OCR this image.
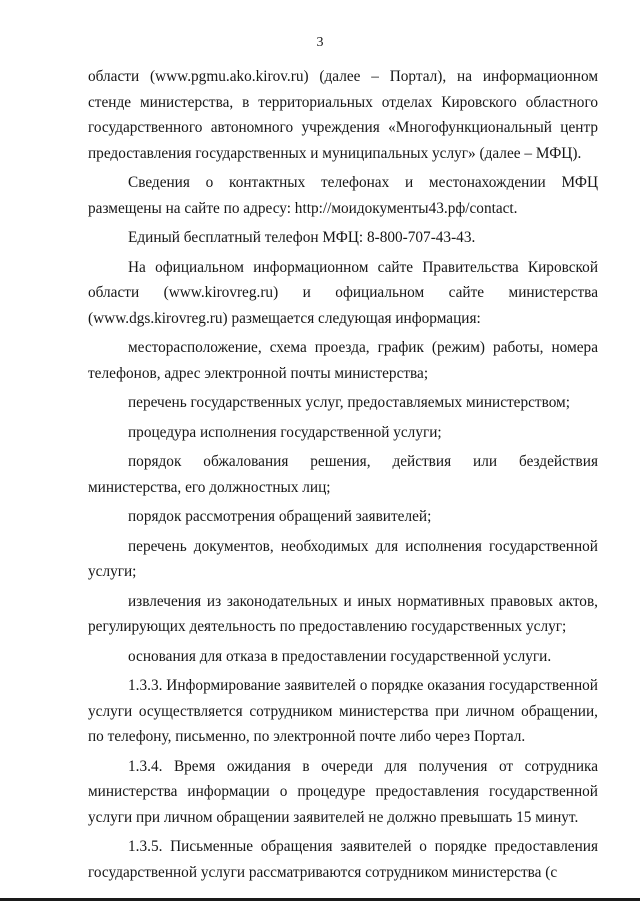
3

области (www.pgmu.ako.kirov.ru) (далее – Портал), на информационном стенде министерства, в территориальных отделах Кировского областного государственного автономного учреждения «Многофункциональный центр предоставления государственных и муниципальных услуг» (далее – МФЦ).

Сведения о контактных телефонах и местонахождении МФЦ размещены на сайте по адресу: http://моидокументы43.рф/contact.

Единый бесплатный телефон МФЦ: 8-800-707-43-43.

На официальном информационном сайте Правительства Кировской области (www.kirovreg.ru) и официальном сайте министерства (www.dgs.kirovreg.ru) размещается следующая информация:

месторасположение, схема проезда, график (режим) работы, номера телефонов, адрес электронной почты министерства;

перечень государственных услуг, предоставляемых министерством;

процедура исполнения государственной услуги;

порядок обжалования решения, действия или бездействия министерства, его должностных лиц;

порядок рассмотрения обращений заявителей;

перечень документов, необходимых для исполнения государственной услуги;

извлечения из законодательных и иных нормативных правовых актов, регулирующих деятельность по предоставлению государственных услуг;

основания для отказа в предоставлении государственной услуги.

1.3.3. Информирование заявителей о порядке оказания государственной услуги осуществляется сотрудником министерства при личном обращении, по телефону, письменно, по электронной почте либо через Портал.

1.3.4. Время ожидания в очереди для получения от сотрудника министерства информации о процедуре предоставления государственной услуги при личном обращении заявителей не должно превышать 15 минут.

1.3.5. Письменные обращения заявителей о порядке предоставления государственной услуги рассматриваются сотрудником министерства (с
